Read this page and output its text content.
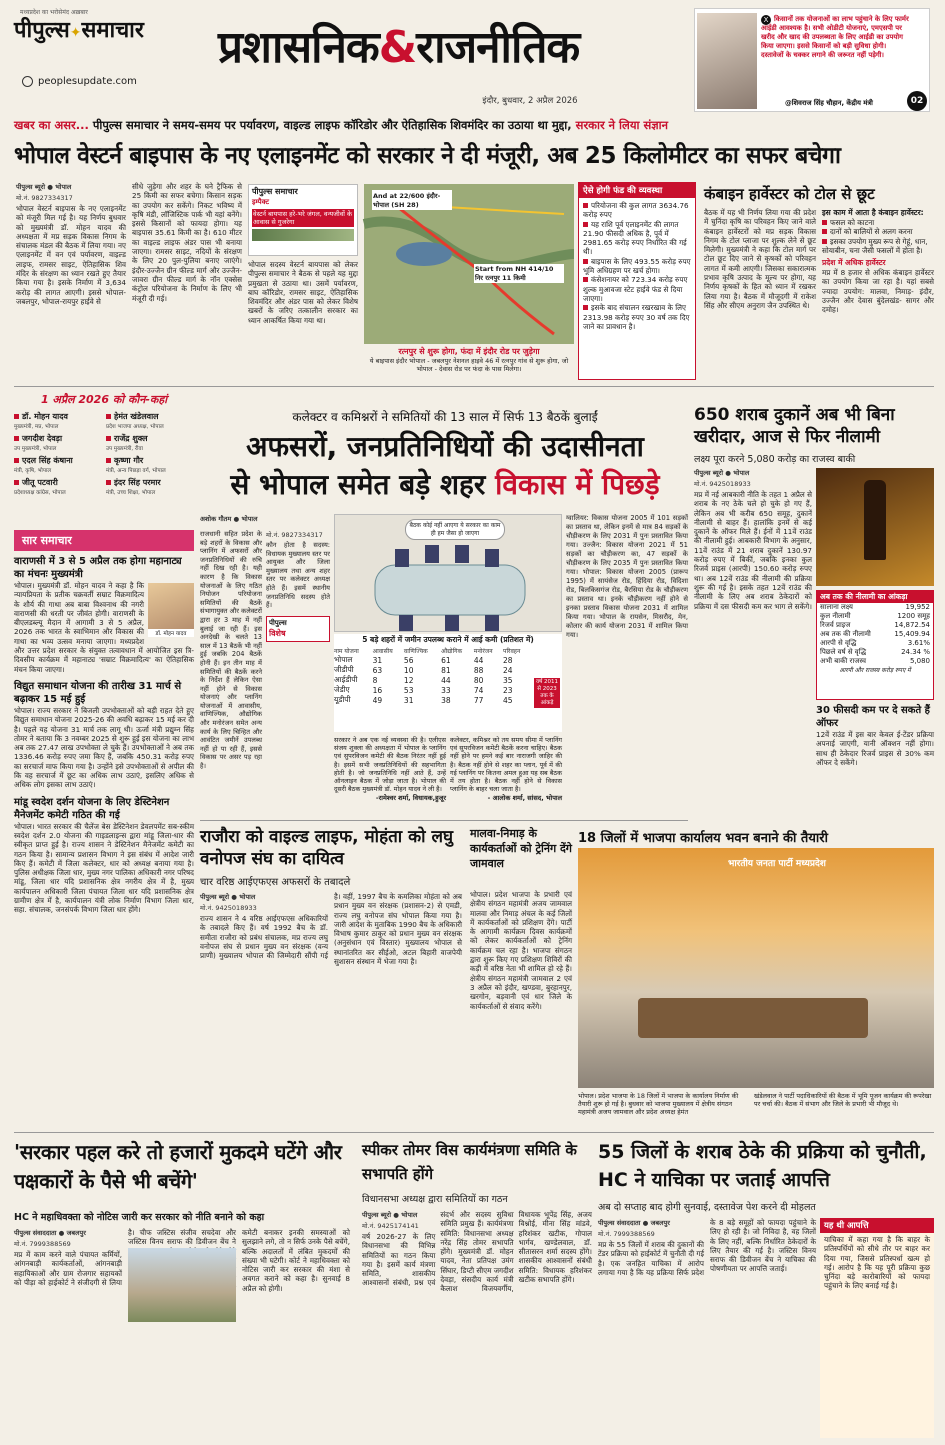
मध्यप्रदेश का भरोसेमंद अख़बार
पीपुल्स✦समाचार
peoplesupdate.com
प्रशासनिक&राजनीतिक
इंदौर, बुधवार, 2 अप्रैल 2026
X किसानों तक योजनाओं का लाभ पहुंचाने के लिए फार्मर आईडी आवश्यक है। सभी ओडीटी योजनाएं, एमएसपी पर खरीद और खाद की उपलब्धता के लिए आईडी का उपयोग किया जाएगा। इससे किसानों को बड़ी सुविधा होगी। दस्तावेजों के चक्कर लगाने की जरूरत नहीं पड़ेगी।
@शिवराज सिंह चौहान, केंद्रीय मंत्री	02
खबर का असर... पीपुल्स समाचार ने समय-समय पर पर्यावरण, वाइल्ड लाइफ कॉरिडोर और ऐतिहासिक शिवमंदिर का उठाया था मुद्दा, सरकार ने लिया संज्ञान
भोपाल वेस्टर्न बाइपास के नए एलाइनमेंट को सरकार ने दी मंजूरी, अब 25 किलोमीटर का सफर बचेगा
पीपुल्स ब्यूरो ● भोपाल
मो.नं. 9827334317
भोपाल वेस्टर्न बाइपास के नए एलाइनमेंट को मंजूरी मिल गई है। यह निर्णय बुधवार को मुख्यमंत्री डॉ. मोहन यादव की अध्यक्षता में मप्र सड़क विकास निगम के संचालक मंडल की बैठक में लिया गया। नए एलाइनमेंट में वन एवं पर्यावरण, वाइल्ड लाइफ, रामसर साइट, ऐतिहासिक शिव मंदिर के संरक्षण का ध्यान रखते हुए तैयार किया गया है। इसके निर्माण में 3,634 करोड़ की लागत आएगी। इससे भोपाल-जबलपुर, भोपाल-रायपुर हाईवे से
सीधे जुड़ेगा और शहर के घने ट्रैफिक से 25 किमी का सफर बचेगा। किसान सड़क का उपयोग कर सकेंगे। निकट भविष्य में कृषि मंडी, लॉजिस्टिक पार्क भी यहां बनेंगे। इससे किसानों को फायदा होगा। यह बाइपास 35.61 किमी का है। 610 मीटर का वाइल्ड लाइफ अंडर पास भी बनाया जाएगा। रामसर साइट, नदियों के संरक्षण के लिए 20 पुल-पुलिया बनाए जाएंगे। इंदौर-उज्जैन ग्रीन फील्ड मार्ग और उज्जैन-जावरा ग्रीन फील्ड मार्ग के नॉन एक्सेस कंट्रोल परियोजना के निर्माण के लिए भी मंजूरी दी गई।
पीपुल्स समाचार
इम्पैक्ट
वेस्टर्न बायपास हरे-भरे जंगल, वन्यजीवों के आवास से गुजरेगा
भोपाल सदस्य वेस्टर्न बायपास को लेकर पीपुल्स समाचार ने बैठक से पहले यह मुद्दा प्रमुखता से उठाया था। उसमें पर्यावरण, बाघ कॉरिडोर, रामसर साइट, ऐतिहासिक शिवमंदिर और अंडर पास को लेकर विशेष खबरों के जरिए तत्कालीन सरकार का ध्यान आकर्षित किया गया था।
And at 22/600 इंदौर-भोपाल (SH 28)
Start from NH 414/10 निर रत्नपुर 11 किमी
रत्नपुर से शुरू होगा, फंदा में इंदौर रोड पर जुड़ेगा
ये बाइपास इंदौर भोपाल - जबलपुर नेशनल हाइवे 46 में रत्नपुर गांव से शुरू होगा, जो भोपाल - देवास रोड पर फंदा के पास मिलेगा।
ऐसे होगी फंड की व्यवस्था
परियोजना की कुल लागत 3634.76 करोड़ रुपए
यह राशि पूर्व एलाइनमेंट की लागत 21.90 फीसदी अधिक है, पूर्व में 2981.65 करोड़ रुपए निर्धारित की गई थी।
बाइपास के लिए 493.55 करोड़ रुपए भूमि अधिग्रहण पर खर्च होगा।
कंसेशनायर को 723.34 करोड़ रुपए शुल्क मुआवजा स्टेट हाईवे फंड से दिया जाएगा।
इसके बाद संचालन रखरखाव के लिए 2313.98 करोड़ रुपए 30 वर्ष तक दिए जाने का प्रावधान है।
कंबाइन हार्वेस्टर को टोल से छूट
बैठक में यह भी निर्णय लिया गया की प्रदेश में चुनिंदा कृषि का परिवहन किए जाने वाले कंबाइन हार्वेस्टरों को मप्र सड़क विकास निगम के टोल प्लाजा पर शुल्क लेने से छूट मिलेगी। मुख्यमंत्री ने कहा कि टोल मार्ग पर टोल छूट दिए जाने से कृषकों को परिवहन लागत में कमी आएगी। जिसका सकारात्मक प्रभाव कृषि उत्पाद के मूल्य पर होगा, यह निर्णय कृषकों के हित को ध्यान में रखकर लिया गया है। बैठक में मौजूदगी में राकेश सिंह और सीएम अनुराग जैन उपस्थित थे।
इस काम में आता है कंबाइन हार्वेस्टर:
फसल को काटना
दानों को बालियों से अलग करना
इसका उपयोग मुख्य रूप से गेहूं, धान, सोयाबीन, चना जैसी फसलों में होता है।
प्रदेश में अधिक हार्वेस्टर
मप्र में 8 हजार से अधिक कंबाइन हार्वेस्टर का उपयोग किया जा रहा है। यहां सबसे ज्यादा उपयोग: मालवा, निमाड़- इंदौर, उज्जैन और देवास बुंदेलखंड- सागर और दमोह।
1 अप्रैल 2026 को कौन-कहां
डॉ. मोहन यादव
मुख्यमंत्री, मप्र, भोपाल
हेमंत खंडेलवाल
प्रदेश भाजपा अध्यक्ष, भोपाल
जगदीश देवड़ा
उप मुख्यमंत्री, भोपाल
राजेंद्र शुक्ल
उप मुख्यमंत्री, रीवा
एदल सिंह कंषाना
मंत्री, कृषि, भोपाल
कृष्णा गौर
मंत्री, अन्य पिछड़ा वर्ग, भोपाल
जीतू पटवारी
प्रदेशाध्यक्ष कांग्रेस, भोपाल
इंदर सिंह परमार
मंत्री, उच्च शिक्षा, भोपाल
सार समाचार
वाराणसी में 3 से 5 अप्रैल तक होगा महानाट्य का मंचनः मुख्यमंत्री
डॉ. मोहन यादव
भोपाल। मुख्यमंत्री डॉ. मोहन यादव ने कहा है कि न्यायप्रियता के प्रतीक चक्रवर्ती सम्राट विक्रमादित्य के शौर्य की गाथा अब बाबा विश्वनाथ की नगरी वाराणसी की धरती पर जीवंत होगी। वाराणसी के बीएलडब्ल्यू मैदान में आगामी 3 से 5 अप्रैल, 2026 तक भारत के स्वाभिमान और विकास की गाथा का भव्य उत्सव मनाया जाएगा। मध्यप्रदेश और उत्तर प्रदेश सरकार के संयुक्त तत्वावधान में आयोजित इस त्रि-दिवसीय कार्यक्रम में महानाट्य 'सम्राट विक्रमादित्य' का ऐतिहासिक मंचन किया जाएगा।
विद्युत समाधान योजना की तारीख 31 मार्च से बढ़ाकर 15 मई हुई
भोपाल। राज्य सरकार ने बिजली उपभोक्ताओं को बड़ी राहत देते हुए विद्युत समाधान योजना 2025-26 की अवधि बढ़ाकर 15 मई कर दी है। पहले यह योजना 31 मार्च तक लागू थी। ऊर्जा मंत्री प्रद्युम्न सिंह तोमर ने बताया कि 3 नवम्बर 2025 से शुरू हुई इस योजना का लाभ अब तक 27.47 लाख उपभोक्ता ले चुके हैं। उपभोक्ताओं ने अब तक 1336.46 करोड़ रुपए जमा किए हैं, जबकि 450.31 करोड़ रुपए का सरचार्ज माफ किया गया है। उन्होंने इसे उपभोक्ताओं से अपील की कि वह सरचार्ज में छूट का अधिक लाभ उठाएं, इसलिए अधिक से अधिक लोग इसका लाभ उठाएं।
मांडू स्वदेश दर्शन योजना के लिए डेस्टिनेशन मैनेजमेंट कमेटी गठित की गई
भोपाल। भारत सरकार की चैलेंज बेस डेस्टिनेशन डेवलपमेंट सब-स्कीम स्वदेश दर्शन 2.0 योजना की गाइडलाइन्स द्वारा मांडू जिला-धार की स्वीकृत प्राप्त हुई है। राज्य शासन ने डेस्टिनेशन मैनेजमेंट कमेटी का गठन किया है। सामान्य प्रशासन विभाग ने इस संबंध में आदेश जारी किए हैं। कमेटी में जिला कलेक्टर, धार को अध्यक्ष बनाया गया है। पुलिस अधीक्षक जिला धार, मुख्य नगर पालिका अधिकारी नगर परिषद मांडू, जिला धार यदि प्रशासनिक क्षेत्र नगरीय क्षेत्र में है, मुख्य कार्यपालन अधिकारी जिला पंचायत जिला धार यदि प्रशासनिक क्षेत्र ग्रामीण क्षेत्र में है, कार्यपालन यंत्री लोक निर्माण विभाग जिला धार, सहा. संचालक, जनसंपर्क विभाग जिला धार होंगे।
कलेक्टर व कमिश्नरों ने समितियों की 13 साल में सिर्फ 13 बैठकें बुलाईं
अफसरों, जनप्रतिनिधियों की उदासीनता
से भोपाल समेत बड़े शहर विकास में पिछड़े
अशोक गौतम ● भोपाल
राजधानी सहित प्रदेश के बड़े शहरों के विकास और प्लानिंग में अफसरों और जनप्रतिनिधियों की रुचि नहीं दिख रही है। यही कारण है कि विकास योजनाओं के लिए गठित नियोजन परियोजना समितियों की बैठकें संभागायुक्त और कलेक्टरों द्वारा हर 3 माह में नहीं बुलाई जा रही हैं। इस अनदेखी के चलते 13 साल में 13 बैठकें भी नहीं हुई जबकि 204 बैठकें होनी हैं। इन तीन माह में समितियों की बैठकें करने के निर्देश हैं लेकिन ऐसा नहीं होने से विकास योजनाएं और प्लानिंग योजनाओं में आवासीय, वाणिज्यिक, औद्योगिक और मनोरंजन समेत अन्य कार्य के लिए चिन्हित और आवंटित जमीनें उपलब्ध नहीं हो पा रही हैं, इससे विकास पर असर पड़ रहा है।
मो.नं. 9827334317
कौन होता है सदस्य: विधायक मुख्यालय स्तर पर आयुक्त और जिला मुख्यालय तथा अन्य शहर स्तर पर कलेक्टर अध्यक्ष होते हैं। इसमें स्थानीय जनप्रतिनिधि सदस्य होते हैं।
पीपुल्स
विशेष
बैठक कोई नहीं आएगा ये सरकार का काम ही हम जैसा हो जाएगा
5 बड़े शहरों में जमीन उपलब्ध कराने में आई कमी (प्रतिशत में)
नाम योजना	आवासीय	वाणिज्यिक	औद्योगिक	मनोरंजन	परिवहन
भोपाल	31	56	61	44	28
जीडीपी	63	10	81	88	24
आईडीपी	8	12	44	80	35
जेडीए	16	53	33	74	23
यूडीपी	49	31	38	77	45
वर्ष 2011 से 2023 तक के आंकड़े
सरकार ने अब एक नई व्यवस्था की है। एलीएस संजय शुक्ला की अध्यक्षता में भोपाल के प्लानिंग एवं सुपरविजन कमेटी की बैठक निरंतर नहीं हुई है। इसमें सभी जनप्रतिनिधियों की सहभागिता होती है। जो जनप्रतिनिधि नहीं आते हैं, उन्हें ऑनलाइन बैठक में जोड़ा जाता है। भोपाल की दूसरी बैठक मुख्यमंत्री डॉ. मोहन यादव ने ली है।
-रामेश्वर शर्मा, विधायक,हुजूर
कलेक्टर, कमिश्नर को तय समय सीमा में प्लानिंग एवं सुपरविजन कमेटी बैठकें करना चाहिए। बैठक नहीं होने पर हमने कई बार नाराजगी जाहिर की है। बैठक नहीं होने से शहर का प्लान, पूर्व में की गई प्लानिंग पर कितना अमल हुआ यह सब बैठक में तय होता है। बैठक नहीं होने से विकास प्लानिंग के बाहर चला जाता है।
- आलोक शर्मा, सांसद, भोपाल
ग्वालियर: विकास योजना 2005 में 101 सड़कों का प्रस्ताव था, लेकिन इनमें से मात्र 84 सड़कों के चौड़ीकरण के लिए 2031 में पुनः प्रस्तावित किया गया। उज्जैन: विकास योजना 2021 में 51 सड़कों का चौड़ीकरण का, 47 सड़कों के चौड़ीकरण के लिए 2035 में पुनः प्रस्तावित किया गया। भोपाल: विकास योजना 2005 (प्रारूप 1995) में सायंसेज रोड, हिंदिया रोड, विदिशा रोड, बिलकिसगंज रोड, बैरसिया रोड के चौड़ीकरण का प्रस्ताव था। इनके चौड़ीकरण नहीं होने से इनका प्रस्ताव विकास योजना 2031 में शामिल किया गया। भोपाल के रायसेन, मिसरौद, मेन, कोलार की कार्य योजना 2031 में शामिल किया गया।
650 शराब दुकानें अब भी बिना खरीदार, आज से फिर नीलामी
लक्ष्य पूरा करने 5,080 करोड़ का राजस्व बाकी
पीपुल्स ब्यूरो ● भोपाल
मो.नं. 9425018933
मप्र में नई आबकारी नीति के तहत 1 अप्रैल से शराब के नए ठेके चले हो चुके हो गए हैं, लेकिन अब भी करीब 650 समूह, दुकानें नीलामी से बाहर हैं। हालांकि इनमें से कई दुकानें के ऑफर मिले हैं। ईनों में 11वें राउंड की नीलामी हुई। आबकारी विभाग के अनुसार, 11वें राउंड में 21 शराब दुकानें 130.97 करोड़ रुपए में बिकीं, जबकि इनका कुल रिजर्व प्राइस (आरपी) 150.60 करोड़ रुपए था। अब 12वें राउंड की नीलामी की प्रक्रिया शुरू की गई है। इसके तहत 12वें राउंड की नीलामी के लिए अब शराब ठेकेदारों को प्रक्रिया में दस फीसदी कम कर भाग ले सकेंगे।
अब तक की नीलामी का आंकड़ा
सालाना लक्ष्य	19,952
कुल नीलामी	1200 समूह
रिजर्व प्राइज	14,872.54
अब तक की नीलामी	15,409.94
आरपी से वृद्धि	3.61%
पिछले वर्ष से वृद्धि	24.34 %
अभी बाकी राजस्व	5,080
आरपी और राजस्व करोड़ रुपए में
30 फीसदी कम पर दे सकते हैं ऑफर
12वें राउंड में इस बार केवल ई-टेंडर प्रक्रिया अपनाई जाएगी, यानी ऑक्शन नहीं होगा। साथ ही ठेकेदार रिजर्व प्राइस से 30% कम ऑफर दे सकेंगे।
राजौरा को वाइल्ड लाइफ, मोहंता को लघु वनोपज संघ का दायित्व
चार वरिष्ठ आईएफएस अफसरों के तबादले
पीपुल्स ब्यूरो ● भोपाल
मो.नं. 9425018933
राज्य शासन ने 4 वरिष्ठ आईएफएस अधिकारियों के तबादले किए हैं। वर्ष 1992 बैच के डॉ. समीता राजौरा को प्रबंध संचालक, मप्र राज्य लघु वनोपज संघ से प्रधान मुख्य वन संरक्षक (वन्य प्राणी) मुख्यालय भोपाल की जिम्मेदारी सौंपी गई है। वहीं, 1997 बैच के कमलिका मोहंता को अब प्रधान मुख्य वन संरक्षक (प्रशासन-2) से एमडी, राज्य लघु वनोपज संघ भोपाल किया गया है। जारी आदेश के मुताबिक 1990 बैच के अधिकारी विभाष कुमार ठाकुर को प्रधान मुख्य वन संरक्षक (अनुसंधान एवं विस्तार) मुख्यालय भोपाल से स्थानांतरित कर सीईओ, अटल बिहारी वाजपेयी सुशासन संस्थान में भेजा गया है।
मालवा-निमाड़ के कार्यकर्ताओं को ट्रेनिंग देंगे जामवाल
भोपाल। प्रदेश भाजपा के प्रभारी एवं क्षेत्रीय संगठन महामंत्री अजय जामवाल मालवा और निमाड़ अंचल के कई जिलों में कार्यकर्ताओं को प्रशिक्षण देंगे। पार्टी के आगामी कार्यक्रम दिवस कार्यक्रमों को लेकर कार्यकर्ताओं को ट्रेनिंग कार्यक्रम चल रहा है। भाजपा संगठन द्वारा शुरू किए गए प्रशिक्षण शिविरों की कड़ी में वरिष्ठ नेता भी शामिल हो रहे हैं। क्षेत्रीय संगठन महामंत्री जामवाल 2 एवं 3 अप्रैल को इंदौर, खण्डवा, बुरहानपुर, खरगोन, बड़वानी एवं धार जिले के कार्यकर्ताओं से संवाद करेंगे।
18 जिलों में भाजपा कार्यालय भवन बनाने की तैयारी
भारतीय जनता पार्टी मध्यप्रदेश
भोपाल। प्रदेश भाजपा के 18 जिलों में भाजपा के कार्यालय निर्माण की तैयारी शुरू हो गई है। बुधवार को भाजपा मुख्यालय में क्षेत्रीय संगठन महामंत्री अजय जामवाल और प्रदेश अध्यक्ष हेमंत
खंडेलवाल ने पार्टी पदाधिकारियों की बैठक में भूमि पूजन कार्यक्रम की रूपरेखा पर चर्चा की। बैठक में संभाग और जिले के प्रभारी भी मौजूद थे।
'सरकार पहल करे तो हजारों मुकदमे घटेंगे और पक्षकारों के पैसे भी बचेंगे'
HC ने महाधिवक्ता को नोटिस जारी कर सरकार को नीति बनाने को कहा
पीपुल्स संवाददाता ● जबलपुर
मो.नं. 7999388569
मप्र में काम करने वाले पंचायत कर्मियों, आंगनबाड़ी कार्यकर्ताओं, आंगनबाड़ी सहायिकाओं और ग्राम रोजगार सहायकों को पीड़ा को हाईकोर्ट ने संजीदगी से लिया है। चीफ जस्टिस संजीव सचदेवा और जस्टिस विनय सराफ की डिवीजन बेंच ने कमेटी बनाकर इनकी समस्याओं को सुलझाने लगे, तो न सिर्फ उनके पैसे बचेंगे, बल्कि अदालतों में लंबित मुकदमों की संख्या भी घटेगी। कोर्ट ने महाधिवक्ता को नोटिस जारी कर सरकार की मंशा से अवगत कराने को कहा है। सुनवाई 8 अप्रैल को होगी।
स्पीकर तोमर विस कार्यमंत्रणा समिति के सभापति होंगे
विधानसभा अध्यक्ष द्वारा समितियों का गठन
पीपुल्स ब्यूरो ● भोपाल
मो.नं. 9425174141
वर्ष 2026-27 के लिए विधानसभा की विभिन्न समितियों का गठन किया गया है। इसमें कार्य मंत्रणा समिति, शासकीय आश्वासनों संबंधी, प्रश्न एवं संदर्भ और सदस्य सुविधा समिति प्रमुख हैं। कार्यमंत्रणा समिति: विधानसभा अध्यक्ष नरेंद्र सिंह तोमर सभापति होंगे। मुख्यमंत्री डॉ. मोहन यादव, नेता प्रतिपक्ष उमंग सिंघार, डिप्टी सीएम जगदीश देवड़ा, संसदीय कार्य मंत्री कैलाश विजयवर्गीय, विधायक भूपेंद्र सिंह, अजय विश्नोई, मीना सिंह मांडवे, हरिशंकर खटीक, गोपाल भार्गव, खण्डेलवाल, डॉ. सीतासरन शर्मा सदस्य होंगे। शासकीय आश्वासनों संबंधी समिति: विधायक हरिशंकर खटीक सभापति होंगे।
55 जिलों के शराब ठेके की प्रक्रिया को चुनौती, HC ने याचिका पर जताई आपत्ति
अब दो सप्ताह बाद होगी सुनवाई, दस्तावेज पेश करने दी मोहलत
पीपुल्स संवाददाता ● जबलपुर
मो.नं. 7999388569
मप्र के 55 जिलों में शराब की दुकानों की टेंडर प्रक्रिया को हाईकोर्ट में चुनौती दी गई है। एक जनहित याचिका में आरोप लगाया गया है कि यह प्रक्रिया सिर्फ प्रदेश के 8 बड़े समूहों को फायदा पहुंचाने के लिए हो रही है। जो निविदा है, वह जिलों के लिए नहीं, बल्कि निर्धारित ठेकेदारों के लिए तैयार की गई है। जस्टिस विनय सराफ की डिवीजन बेंच ने याचिका की पोषणीयता पर आपत्ति जताई।
यह थी आपत्ति
याचिका में कहा गया है कि बाहर के प्रतिस्पर्धियों को सीधे तौर पर बाहर कर दिया गया, जिससे प्रतिस्पर्धा खत्म हो गई। आरोप है कि यह पूरी प्रक्रिया कुछ चुनिंदा बड़े कारोबारियों को फायदा पहुंचाने के लिए बनाई गई है।
